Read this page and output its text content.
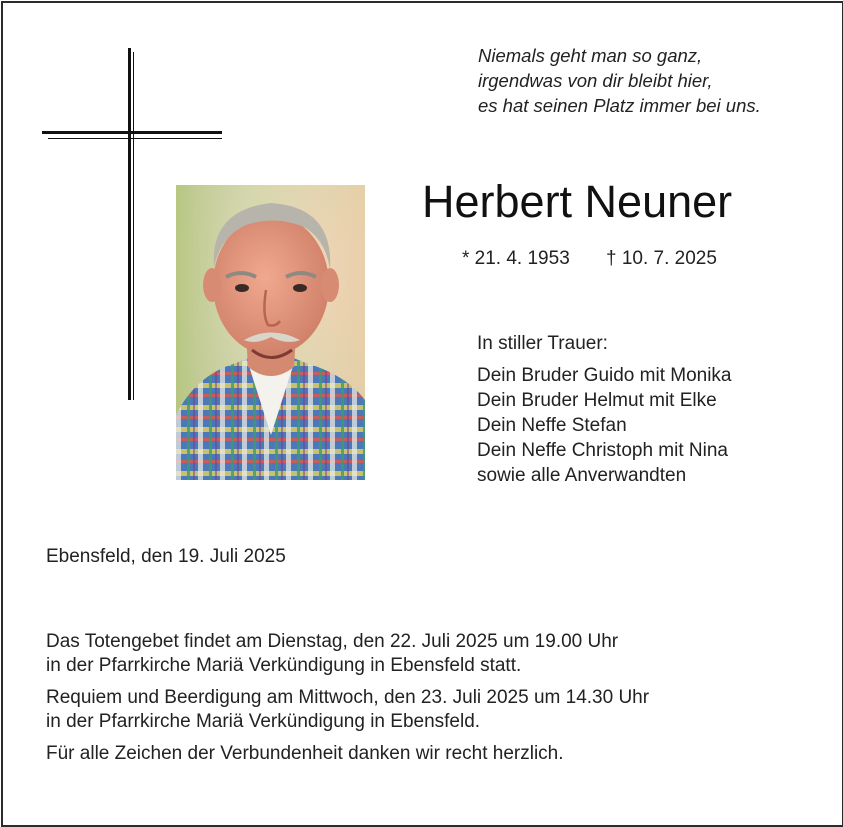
Niemals geht man so ganz,
irgendwas von dir bleibt hier,
es hat seinen Platz immer bei uns.
Herbert Neuner
* 21. 4. 1953 † 10. 7. 2025
In stiller Trauer:
Dein Bruder Guido mit Monika
Dein Bruder Helmut mit Elke
Dein Neffe Stefan
Dein Neffe Christoph mit Nina
sowie alle Anverwandten
Ebensfeld, den 19. Juli 2025

Das Totengebet findet am Dienstag, den 22. Juli 2025 um 19.00 Uhr
in der Pfarrkirche Mariä Verkündigung in Ebensfeld statt.

Requiem und Beerdigung am Mittwoch, den 23. Juli 2025 um 14.30 Uhr
in der Pfarrkirche Mariä Verkündigung in Ebensfeld.

Für alle Zeichen der Verbundenheit danken wir recht herzlich.
